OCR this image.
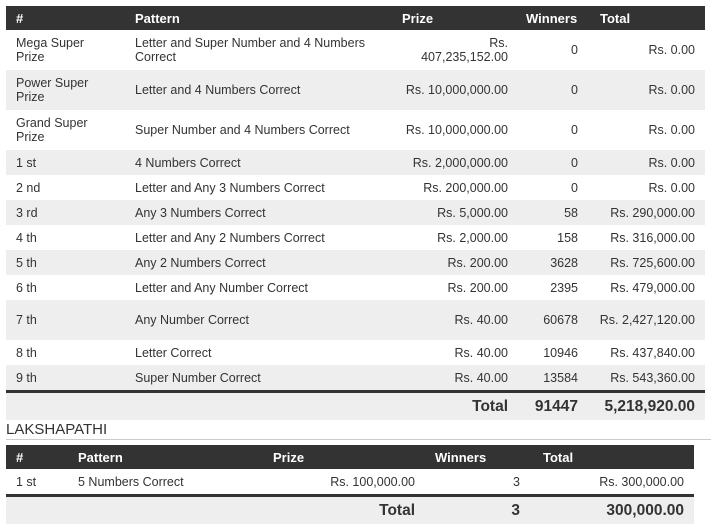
#	Pattern	Prize	Winners	Total
Mega Super Prize	Letter and Super Number and 4 Numbers Correct	Rs. 407,235,152.00	0	Rs. 0.00
Power Super Prize	Letter and 4 Numbers Correct	Rs. 10,000,000.00	0	Rs. 0.00
Grand Super Prize	Super Number and 4 Numbers Correct	Rs. 10,000,000.00	0	Rs. 0.00
1 st	4 Numbers Correct	Rs. 2,000,000.00	0	Rs. 0.00
2 nd	Letter and Any 3 Numbers Correct	Rs. 200,000.00	0	Rs. 0.00
3 rd	Any 3 Numbers Correct	Rs. 5,000.00	58	Rs. 290,000.00
4 th	Letter and Any 2 Numbers Correct	Rs. 2,000.00	158	Rs. 316,000.00
5 th	Any 2 Numbers Correct	Rs. 200.00	3628	Rs. 725,600.00
6 th	Letter and Any Number Correct	Rs. 200.00	2395	Rs. 479,000.00
7 th	Any Number Correct	Rs. 40.00	60678	Rs. 2,427,120.00
8 th	Letter Correct	Rs. 40.00	10946	Rs. 437,840.00
9 th	Super Number Correct	Rs. 40.00	13584	Rs. 543,360.00
		Total	91447	5,218,920.00
LAKSHAPATHI
#	Pattern	Prize	Winners	Total
1 st	5 Numbers Correct	Rs. 100,000.00	3	Rs. 300,000.00
		Total	3	300,000.00
